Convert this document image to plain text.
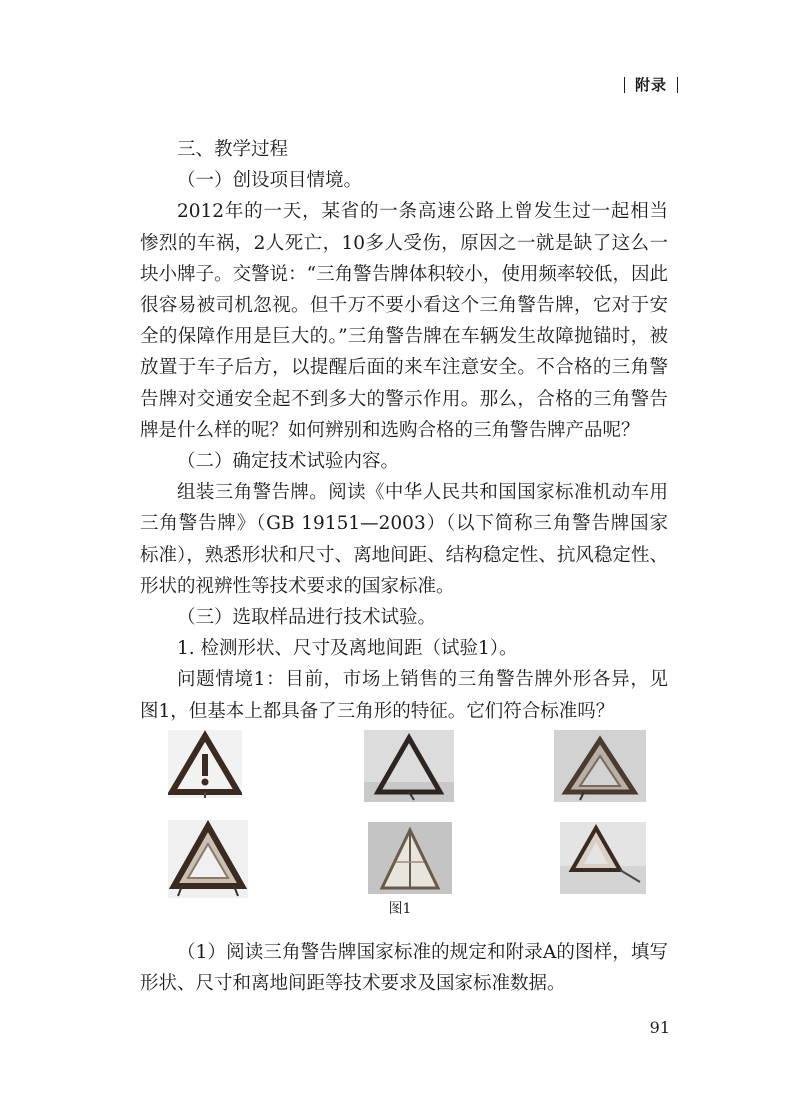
附录

三、教学过程

（一）创设项目情境。

2012年的一天，某省的一条高速公路上曾发生过一起相当惨烈的车祸，2人死亡，10多人受伤，原因之一就是缺了这么一块小牌子。交警说：“三角警告牌体积较小，使用频率较低，因此很容易被司机忽视。但千万不要小看这个三角警告牌，它对于安全的保障作用是巨大的。”三角警告牌在车辆发生故障抛锚时，被放置于车子后方，以提醒后面的来车注意安全。不合格的三角警告牌对交通安全起不到多大的警示作用。那么，合格的三角警告牌是什么样的呢？如何辨别和选购合格的三角警告牌产品呢？

（二）确定技术试验内容。

组装三角警告牌。阅读《中华人民共和国国家标准机动车用三角警告牌》（GB 19151—2003）（以下简称三角警告牌国家标准），熟悉形状和尺寸、离地间距、结构稳定性、抗风稳定性、形状的视辨性等技术要求的国家标准。

（三）选取样品进行技术试验。

1. 检测形状、尺寸及离地间距（试验1）。

问题情境1：目前，市场上销售的三角警告牌外形各异，见图1，但基本上都具备了三角形的特征。它们符合标准吗？

图1

（1）阅读三角警告牌国家标准的规定和附录A的图样，填写形状、尺寸和离地间距等技术要求及国家标准数据。

91
